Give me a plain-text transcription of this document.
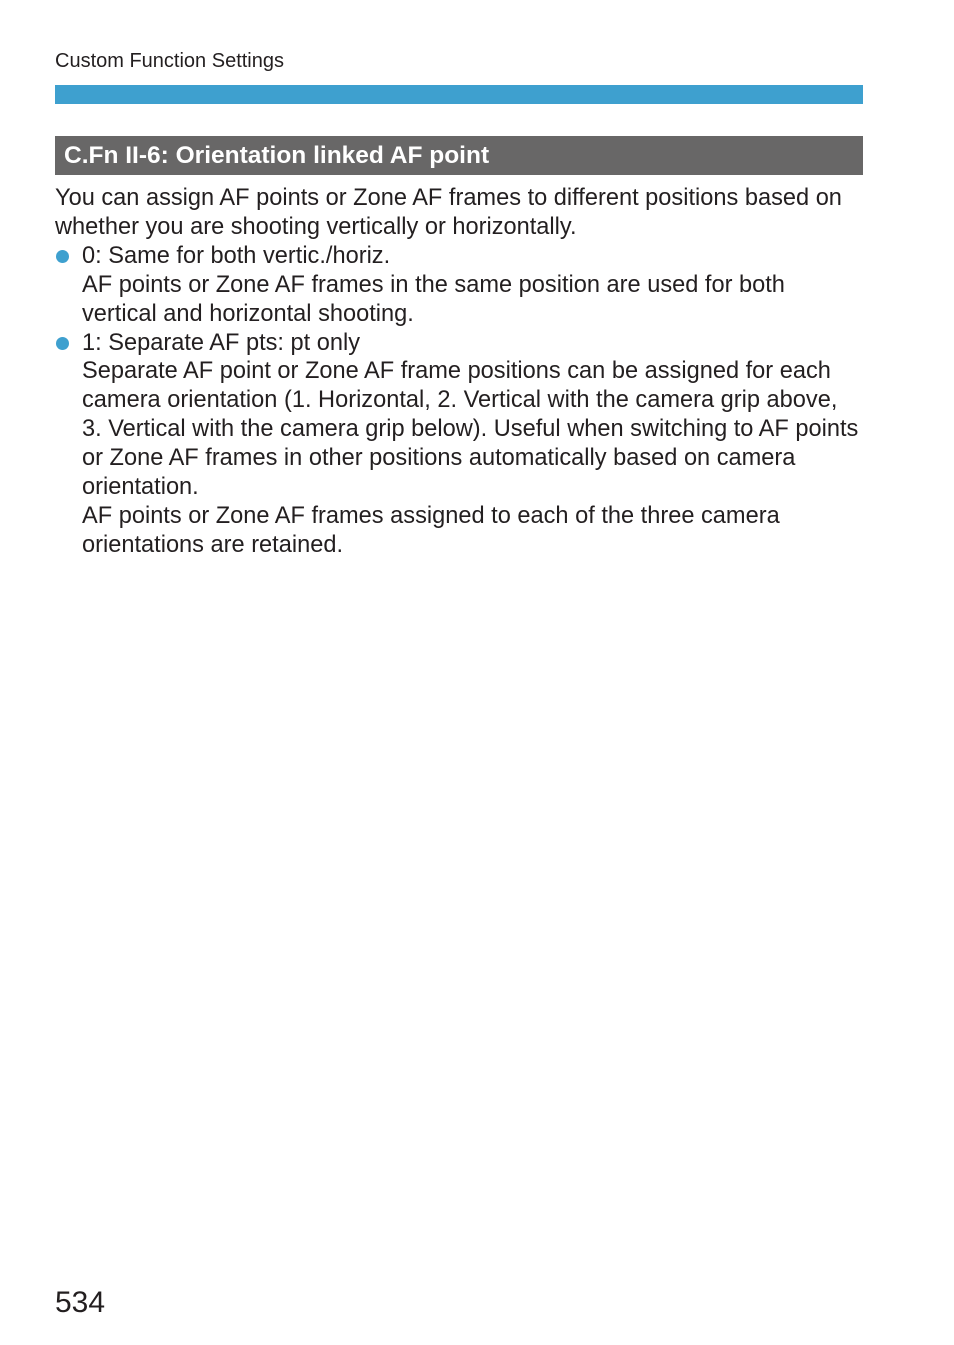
Custom Function Settings
C.Fn II-6: Orientation linked AF point

You can assign AF points or Zone AF frames to different positions based on whether you are shooting vertically or horizontally.

0: Same for both vertic./horiz.
AF points or Zone AF frames in the same position are used for both vertical and horizontal shooting.
1: Separate AF pts: pt only
Separate AF point or Zone AF frame positions can be assigned for each camera orientation (1. Horizontal, 2. Vertical with the camera grip above, 3. Vertical with the camera grip below). Useful when switching to AF points or Zone AF frames in other positions automatically based on camera orientation.
AF points or Zone AF frames assigned to each of the three camera orientations are retained.
534
